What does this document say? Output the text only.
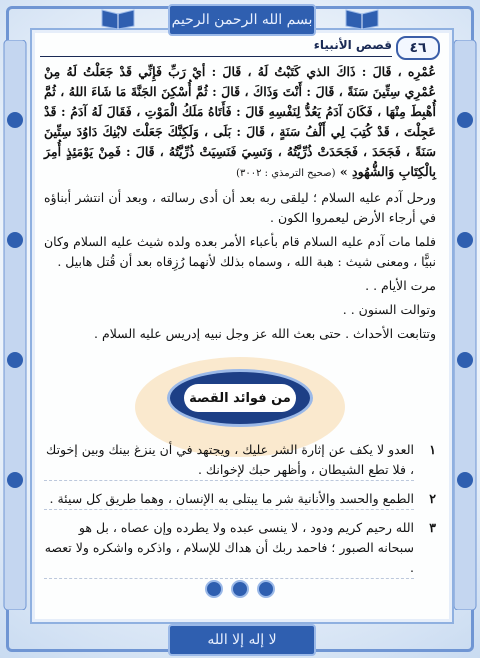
بسم الله الرحمن الرحيم
٤٦
قصص الأنبياء

عُمْرِه ، قَالَ : ذَاكَ الذي كَتَبْتُ لَهُ ، قَالَ : أيْ رَبِّ فَإِنِّي قَدْ جَعَلْتُ لَهُ مِنْ عُمْرِي سِتِّينَ سَنَةً ، قَالَ : أَنْتَ وَذَاكَ ، قَالَ : ثُمَّ أُسْكِنَ الجَنَّةَ مَا شَاءَ اللهُ ، ثُمَّ أُهْبِطَ مِنْهَا ، فَكَانَ آدَمُ يَعُدُّ لِنَفْسِهِ قَالَ : فَأَتَاهُ مَلَكُ الْمَوْتِ ، فَقَالَ لَهُ آدَمُ : قَدْ عَجِلْتَ ، قَدْ كُتِبَ لِي أَلْفُ سَنَةٍ ، قَالَ : بَلَى ، وَلَكِنَّكَ جَعَلْتَ لابْنِكَ دَاوُدَ سِتِّينَ سَنَةً ، فَجَحَدَ ، فَجَحَدَتْ ذُرِّيَّتُهُ ، وَنَسِيَ فَنَسِيَتْ ذُرِّيَّتُهُ ، قَالَ : فَمِنْ يَوْمَئِذٍ أُمِرَ بِالْكِتَابِ وَالشُّهُودِ » (صحيح الترمذي : ٣٠٠٢)

ورحل آدم عليه السلام ؛ ليلقى ربه بعد أن أدى رسالته ، وبعد أن انتشر أبناؤه في أرجاء الأرض ليعمروا الكون .

فلما مات آدم عليه السلام قام بأعباء الأمر بعده ولده شيث عليه السلام وكان نبيًّا ، ومعنى شيث : هبة الله ، وسماه بذلك لأنهما رُزِقاه بعد أن قُتل هابيل .

مرت الأيام . .

وتوالت السنون . .

وتتابعت الأحداث . حتى بعث الله عز وجل نبيه إدريس عليه السلام .

من فوائد القصة
١
العدو لا يكف عن إثارة الشر عليك ، ويجتهد في أن ينزغ بينك وبين إخوتك ، فلا تطع الشيطان ، وأظهر حبك لإخوانك .
٢
الطمع والحسد والأنانية شر ما يبتلى به الإنسان ، وهما طريق كل سيئة .
٣
الله رحيم كريم ودود ، لا ينسى عبده ولا يطرده وإن عصاه ، بل هو سبحانه الصبور ؛ فاحمد ربك أن هداك للإسلام ، واذكره واشكره ولا تعصه .
لا إله إلا الله
